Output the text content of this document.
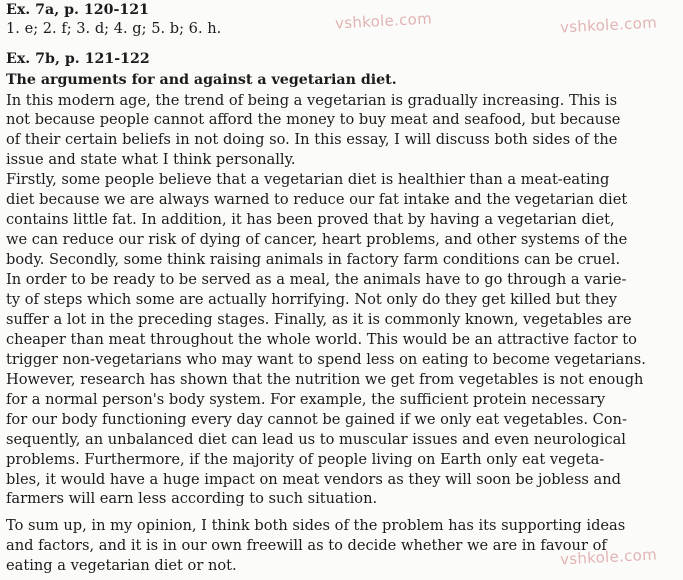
vshkole.com	vshkole.com
vshkole.com
Ex. 7a, p. 120-121
1. e; 2. f; 3. d; 4. g; 5. b; 6. h.
Ex. 7b, p. 121-122
The arguments for and against a vegetarian diet.
In this modern age, the trend of being a vegetarian is gradually increasing. This is
not because people cannot afford the money to buy meat and seafood, but because
of their certain beliefs in not doing so. In this essay, I will discuss both sides of the
issue and state what I think personally.
Firstly, some people believe that a vegetarian diet is healthier than a meat-eating
diet because we are always warned to reduce our fat intake and the vegetarian diet
contains little fat. In addition, it has been proved that by having a vegetarian diet,
we can reduce our risk of dying of cancer, heart problems, and other systems of the
body. Secondly, some think raising animals in factory farm conditions can be cruel.
In order to be ready to be served as a meal, the animals have to go through a varie-
ty of steps which some are actually horrifying. Not only do they get killed but they
suffer a lot in the preceding stages. Finally, as it is commonly known, vegetables are
cheaper than meat throughout the whole world. This would be an attractive factor to
trigger non-vegetarians who may want to spend less on eating to become vegetarians.
However, research has shown that the nutrition we get from vegetables is not enough
for a normal person's body system. For example, the sufficient protein necessary
for our body functioning every day cannot be gained if we only eat vegetables. Con-
sequently, an unbalanced diet can lead us to muscular issues and even neurological
problems. Furthermore, if the majority of people living on Earth only eat vegeta-
bles, it would have a huge impact on meat vendors as they will soon be jobless and
farmers will earn less according to such situation.
To sum up, in my opinion, I think both sides of the problem has its supporting ideas
and factors, and it is in our own freewill as to decide whether we are in favour of
eating a vegetarian diet or not.
